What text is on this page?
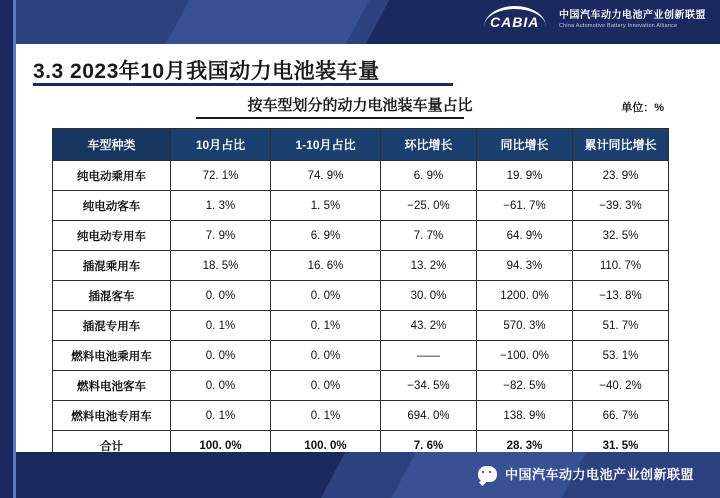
CABIA 中国汽车动力电池产业创新联盟
China Automotive Battery Innovation Alliance
3.3 2023年10月我国动力电池装车量
按车型划分的动力电池装车量占比	单位：%
车型种类	10月占比	1-10月占比	环比增长	同比增长	累计同比增长
纯电动乘用车	72. 1%	74. 9%	6. 9%	19. 9%	23. 9%
纯电动客车	1. 3%	1. 5%	−25. 0%	−61. 7%	−39. 3%
纯电动专用车	7. 9%	6. 9%	7. 7%	64. 9%	32. 5%
插混乘用车	18. 5%	16. 6%	13. 2%	94. 3%	110. 7%
插混客车	0. 0%	0. 0%	30. 0%	1200. 0%	−13. 8%
插混专用车	0. 1%	0. 1%	43. 2%	570. 3%	51. 7%
燃料电池乘用车	0. 0%	0. 0%	——	−100. 0%	53. 1%
燃料电池客车	0. 0%	0. 0%	−34. 5%	−82. 5%	−40. 2%
燃料电池专用车	0. 1%	0. 1%	694. 0%	138. 9%	66. 7%
合计	100. 0%	100. 0%	7. 6%	28. 3%	31. 5%
中国汽车动力电池产业创新联盟
